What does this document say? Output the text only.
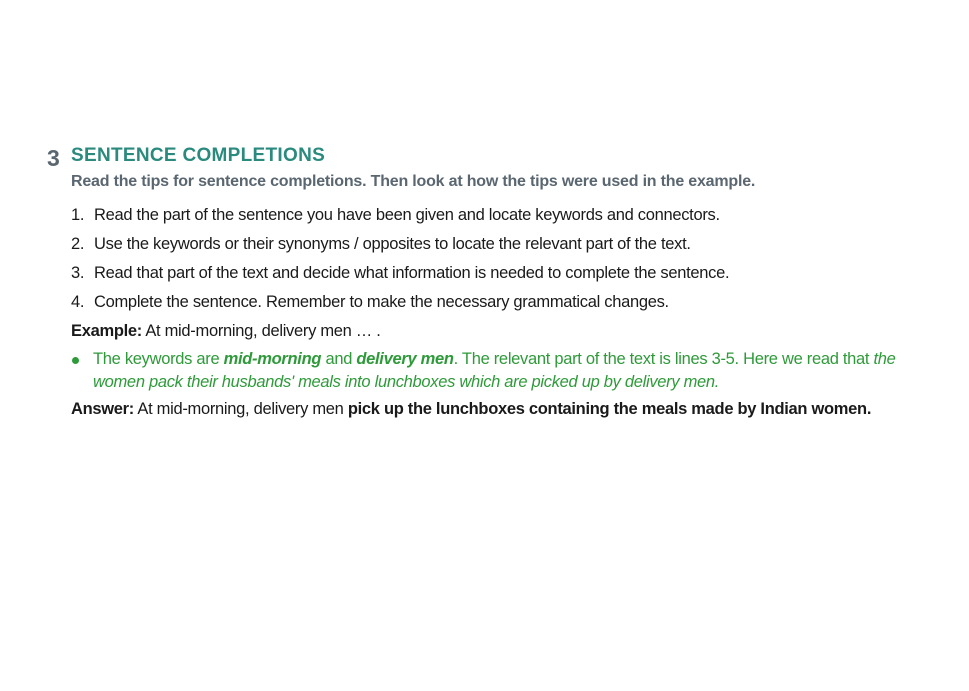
3 SENTENCE COMPLETIONS

Read the tips for sentence completions. Then look at how the tips were used in the example.

1. Read the part of the sentence you have been given and locate keywords and connectors.
2. Use the keywords or their synonyms / opposites to locate the relevant part of the text.
3. Read that part of the text and decide what information is needed to complete the sentence.
4. Complete the sentence. Remember to make the necessary grammatical changes.
Example: At mid-morning, delivery men … .
The keywords are mid-morning and delivery men. The relevant part of the text is lines 3-5. Here we read that the women pack their husbands' meals into lunchboxes which are picked up by delivery men.
Answer: At mid-morning, delivery men pick up the lunchboxes containing the meals made by Indian women.
